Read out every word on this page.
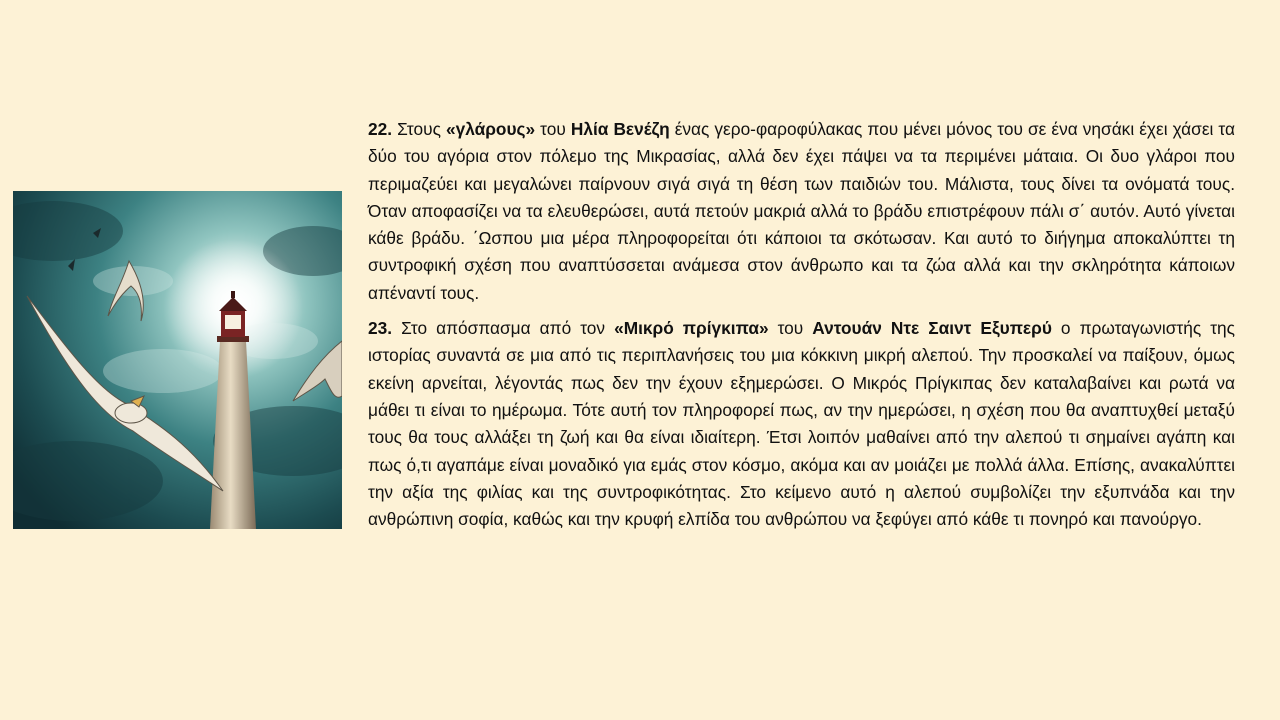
22. Στους «γλάρους» του Ηλία Βενέζη ένας γερο-φαροφύλακας που μένει μόνος του σε ένα νησάκι έχει χάσει τα δύο του αγόρια στον πόλεμο της Μικρασίας, αλλά δεν έχει πάψει να τα περιμένει μάταια. Οι δυο γλάροι που περιμαζεύει και μεγαλώνει παίρνουν σιγά σιγά τη θέση των παιδιών του. Μάλιστα, τους δίνει τα ονόματά τους. Όταν αποφασίζει να τα ελευθερώσει, αυτά πετούν μακριά αλλά το βράδυ επιστρέφουν πάλι σ΄ αυτόν. Αυτό γίνεται κάθε βράδυ. ΄Ωσπου μια μέρα πληροφορείται ότι κάποιοι τα σκότωσαν. Και αυτό το διήγημα αποκαλύπτει τη συντροφική σχέση που αναπτύσσεται ανάμεσα στον άνθρωπο και τα ζώα αλλά και την σκληρότητα κάποιων απέναντί τους.

23. Στο απόσπασμα από τον «Μικρό πρίγκιπα» του Αντουάν Ντε Σαιντ Εξυπερύ ο πρωταγωνιστής της ιστορίας συναντά σε μια από τις περιπλανήσεις του μια κόκκινη μικρή αλεπού. Την προσκαλεί να παίξουν, όμως εκείνη αρνείται, λέγοντάς πως δεν την έχουν εξημερώσει. Ο Μικρός Πρίγκιπας δεν καταλαβαίνει και ρωτά να μάθει τι είναι το ημέρωμα. Τότε αυτή τον πληροφορεί πως, αν την ημερώσει, η σχέση που θα αναπτυχθεί μεταξύ τους θα τους αλλάξει τη ζωή και θα είναι ιδιαίτερη. Έτσι λοιπόν μαθαίνει από την αλεπού τι σημαίνει αγάπη και πως ό,τι αγαπάμε είναι μοναδικό για εμάς στον κόσμο, ακόμα και αν μοιάζει με πολλά άλλα. Επίσης, ανακαλύπτει την αξία της φιλίας και της συντροφικότητας. Στο κείμενο αυτό η αλεπού συμβολίζει την εξυπνάδα και την ανθρώπινη σοφία, καθώς και την κρυφή ελπίδα του ανθρώπου να ξεφύγει από κάθε τι πονηρό και πανούργο.
